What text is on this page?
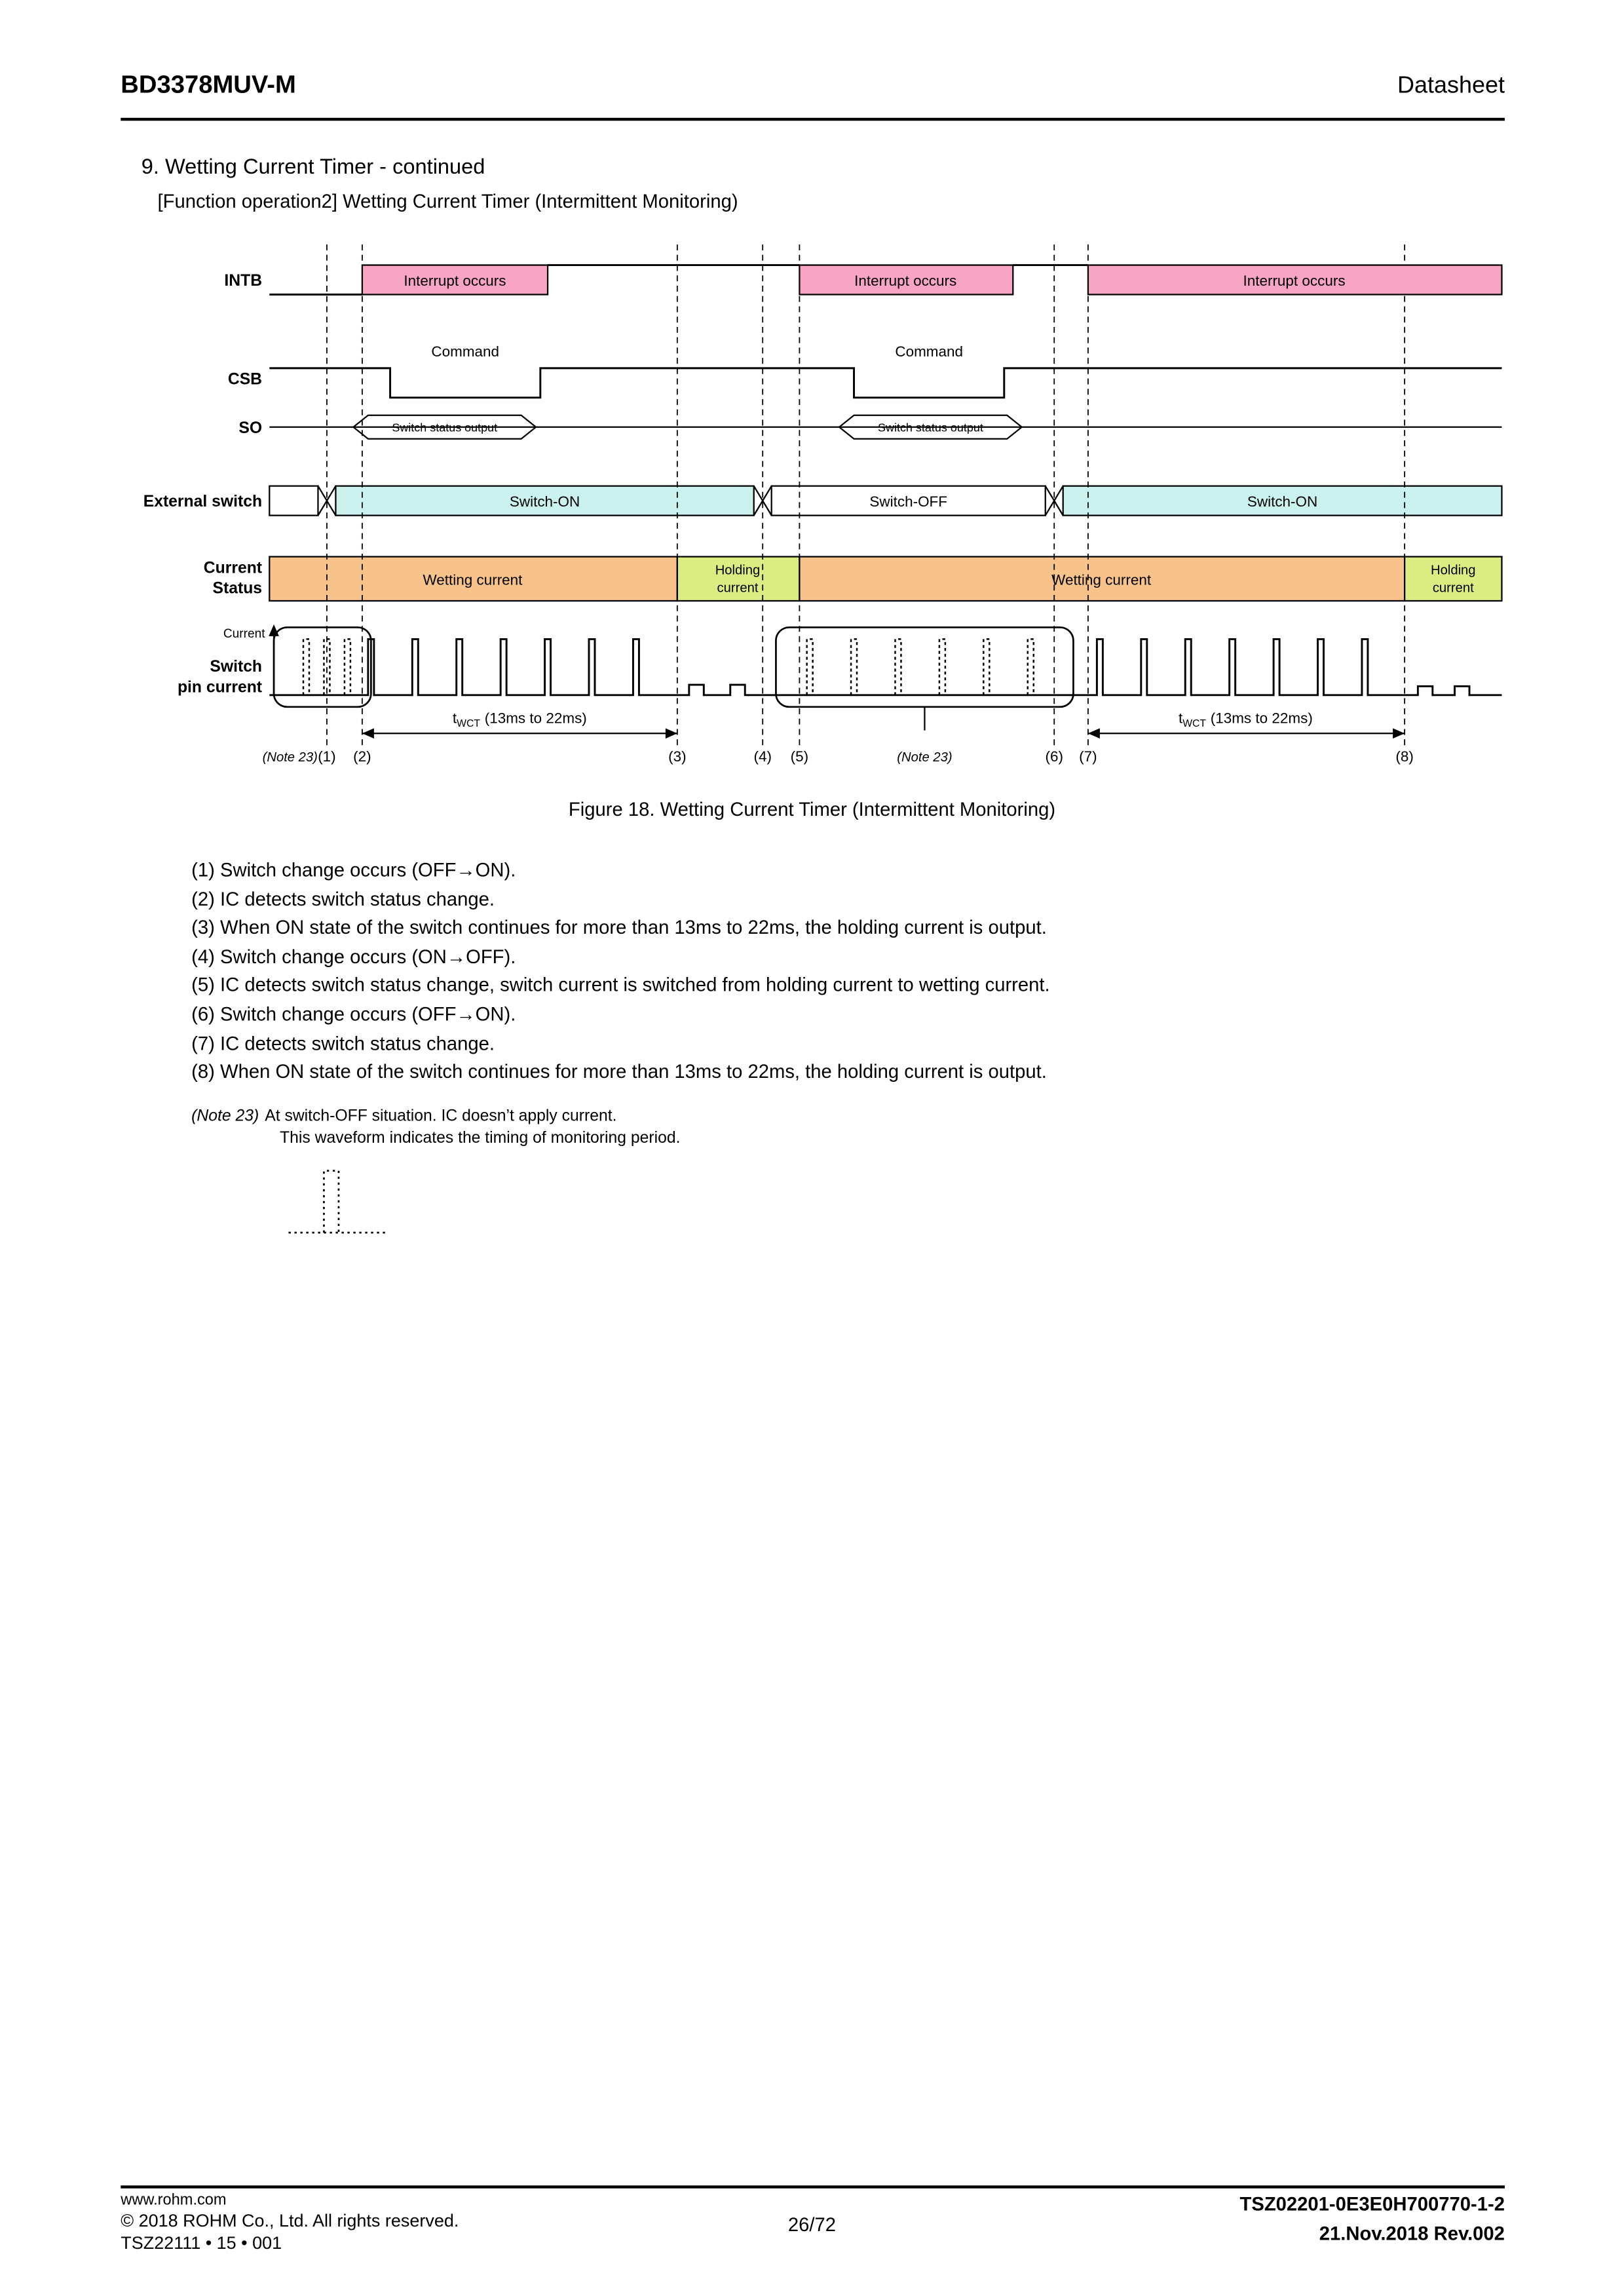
BD3378MUV-M	Datasheet
9. Wetting Current Timer - continued
[Function operation2] Wetting Current Timer (Intermittent Monitoring)
INTB	Interrupt occurs	Interrupt occurs	Interrupt occurs
CSB
Command	Command
SO	Switch status output	Switch status output
External switch	Switch-ON	Switch-OFF	Switch-ON
Current
Status	Wetting current
Holding
current
Wetting current
Holding
current
Current
Switch
pin current
$t_{WCT}$ (13ms to 22ms)	$t_{WCT}$ (13ms to 22ms)
(Note 23) (1)	(2)	(3)	(4)	(5)	(Note 23)	(6) (7)	(8)
Figure 18. Wetting Current Timer (Intermittent Monitoring)
(1) Switch change occurs (OFF→ON).
(2) IC detects switch status change.
(3) When ON state of the switch continues for more than 13ms to 22ms, the holding current is output.
(4) Switch change occurs (ON→OFF).
(5) IC detects switch status change, switch current is switched from holding current to wetting current.
(6) Switch change occurs (OFF→ON).
(7) IC detects switch status change.
(8) When ON state of the switch continues for more than 13ms to 22ms, the holding current is output.
(Note 23) At switch-OFF situation. IC doesn’t apply current.
This waveform indicates the timing of monitoring period.
www.rohm.com
© 2018 ROHM Co., Ltd. All rights reserved.
TSZ22111 • 15 • 001
26/72
TSZ02201-0E3E0H700770-1-2
21.Nov.2018 Rev.002
